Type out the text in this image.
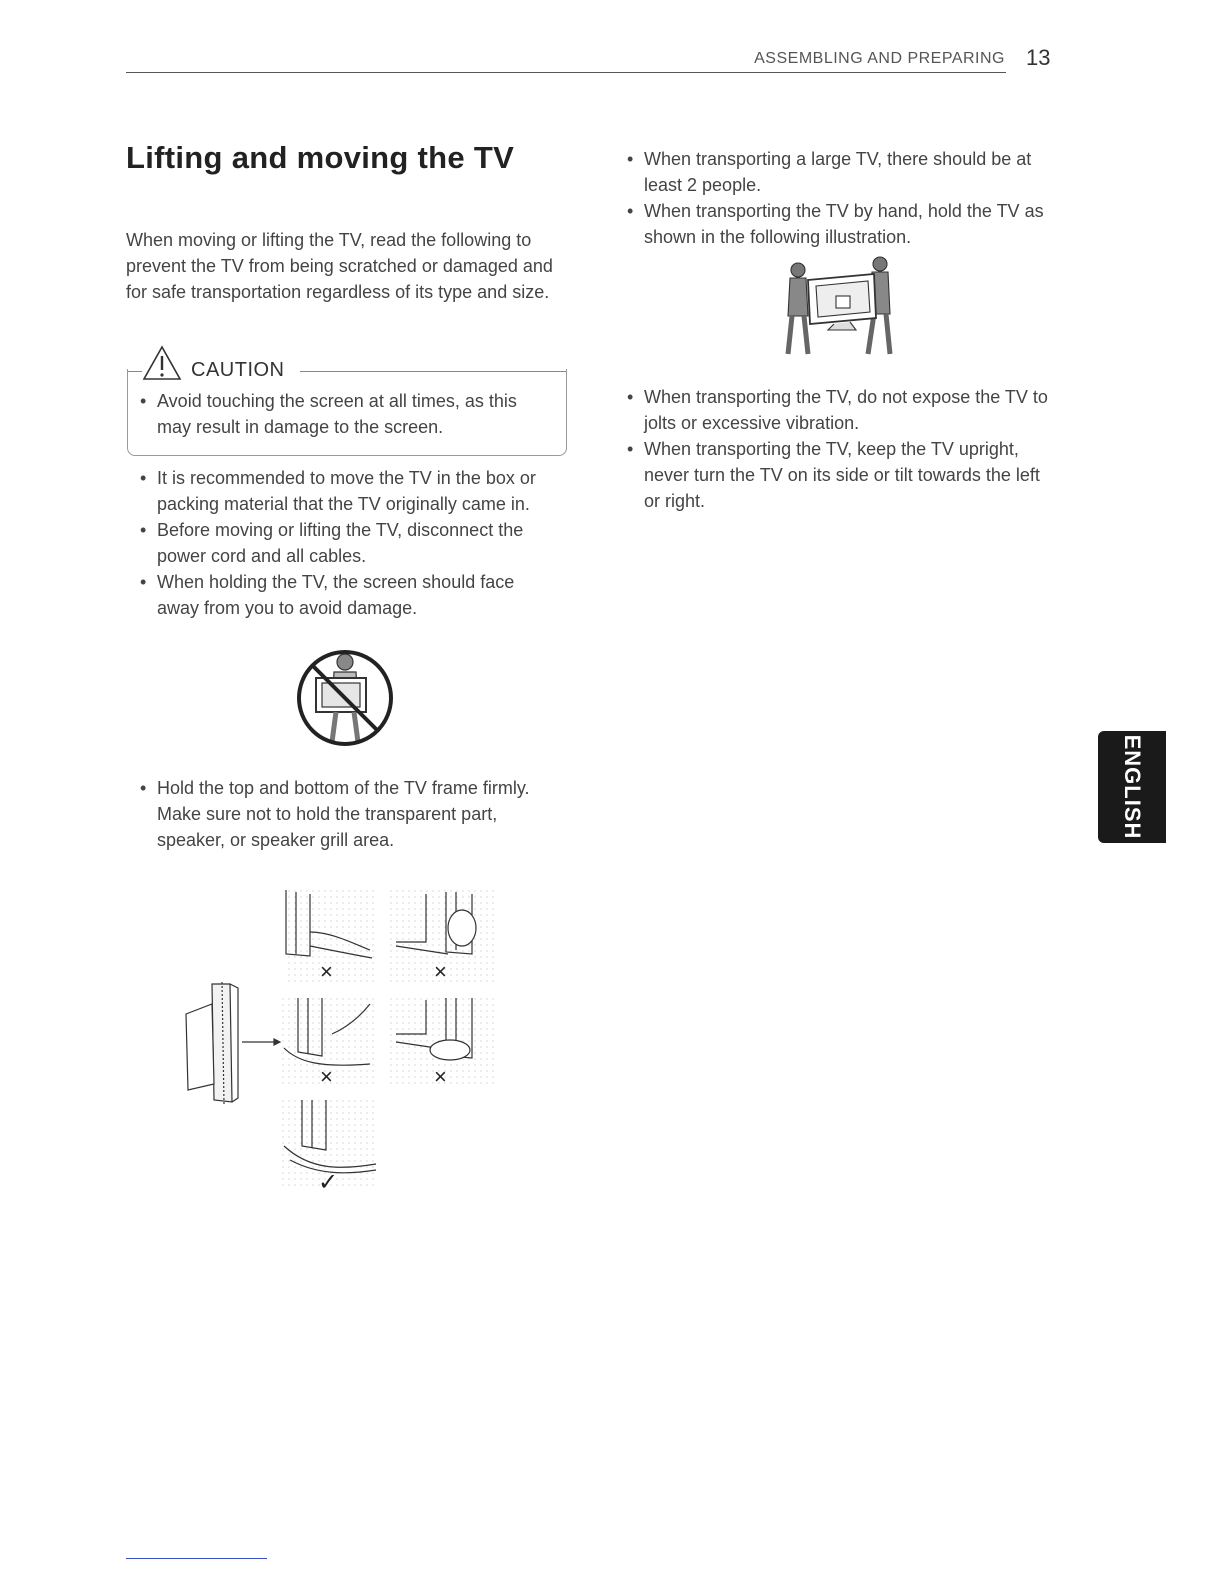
ASSEMBLING AND PREPARING 13
Lifting and moving the TV
When moving or lifting the TV, read the following to prevent the TV from being scratched or damaged and for safe transportation regardless of its type and size.
CAUTION
• Avoid touching the screen at all times, as this may result in damage to the screen.
• It is recommended to move the TV in the box or packing material that the TV originally came in.
• Before moving or lifting the TV, disconnect the power cord and all cables.
• When holding the TV, the screen should face away from you to avoid damage.
• Hold the top and bottom of the TV frame firmly. Make sure not to hold the transparent part, speaker, or speaker grill area.
×	×
×	×
✓
• When transporting a large TV, there should be at least 2 people.
• When transporting the TV by hand, hold the TV as shown in the following illustration.
• When transporting the TV, do not expose the TV to jolts or excessive vibration.
• When transporting the TV, keep the TV upright, never turn the TV on its side or tilt towards the left or right.
ENGLISH
